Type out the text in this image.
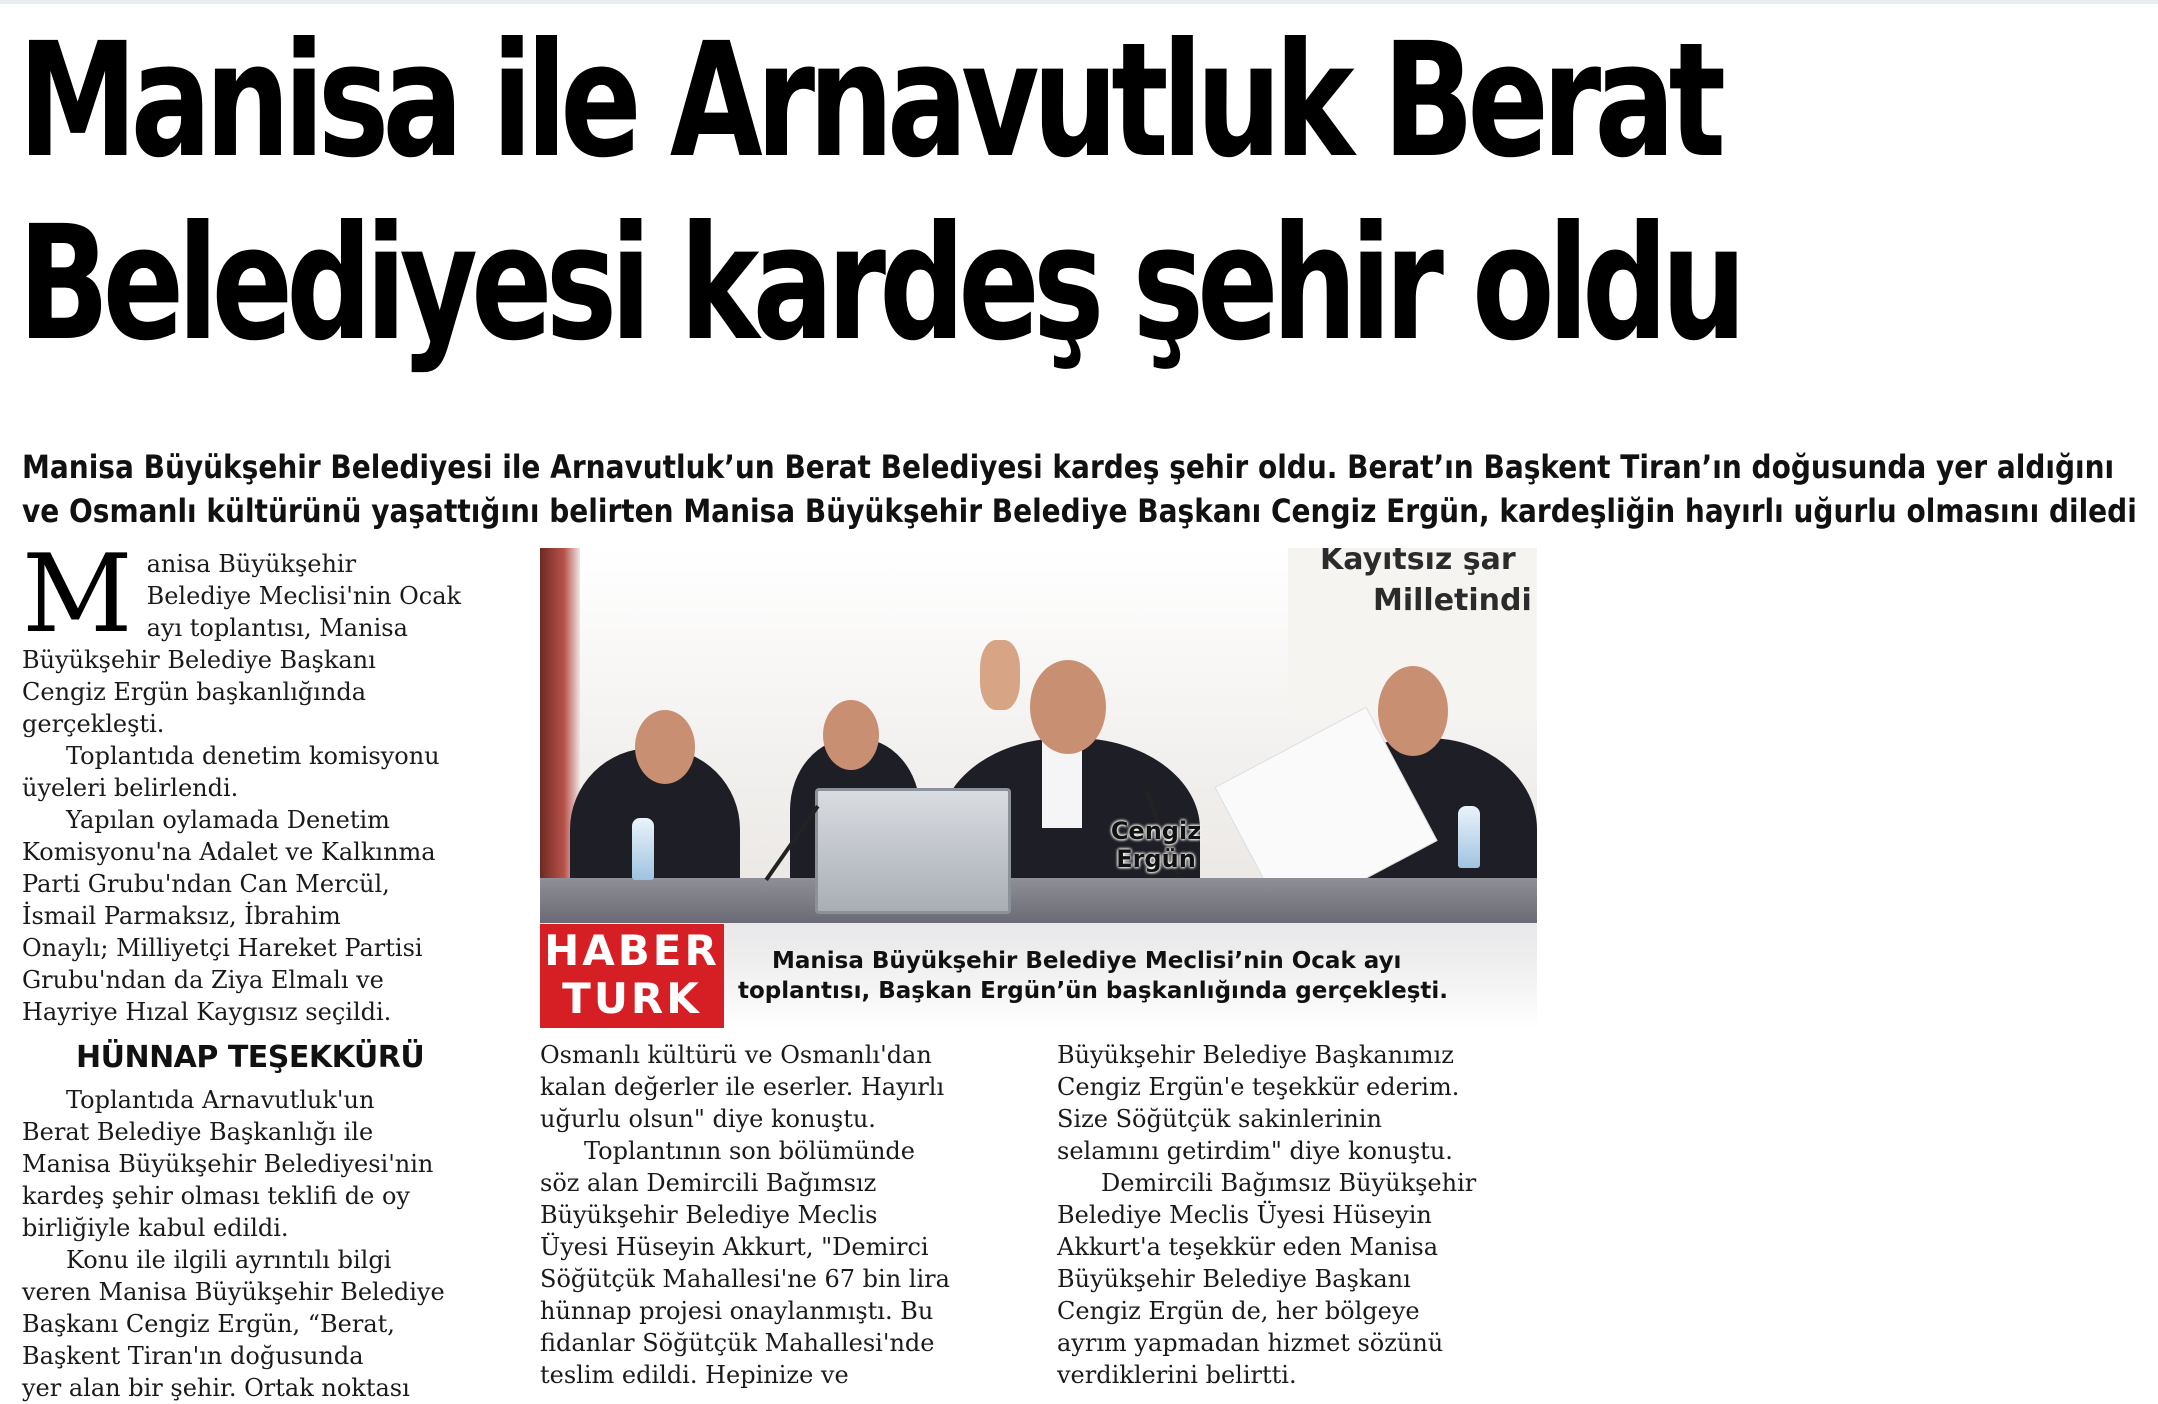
Manisa ile Arnavutluk Berat
Belediyesi kardeş şehir oldu
Manisa Büyükşehir Belediyesi ile Arnavutluk’un Berat Belediyesi kardeş şehir oldu. Berat’ın Başkent Tiran’ın doğusunda yer aldığını
ve Osmanlı kültürünü yaşattığını belirten Manisa Büyükşehir Belediye Başkanı Cengiz Ergün, kardeşliğin hayırlı uğurlu olmasını diledi
M anisa Büyükşehir

Belediye Meclisi'nin Ocak

ayı toplantısı, Manisa

Büyükşehir Belediye Başkanı

Cengiz Ergün başkanlığında

gerçekleşti.

Toplantıda denetim komisyonu

üyeleri belirlendi.

Yapılan oylamada Denetim

Komisyonu'na Adalet ve Kalkınma

Parti Grubu'ndan Can Mercül,

İsmail Parmaksız, İbrahim

Onaylı; Milliyetçi Hareket Partisi

Grubu'ndan da Ziya Elmalı ve

Hayriye Hızal Kaygısız seçildi.

HÜNNAP TEŞEKKÜRÜ

Toplantıda Arnavutluk'un

Berat Belediye Başkanlığı ile

Manisa Büyükşehir Belediyesi'nin

kardeş şehir olması teklifi de oy

birliğiyle kabul edildi.

Konu ile ilgili ayrıntılı bilgi

veren Manisa Büyükşehir Belediye

Başkanı Cengiz Ergün, “Berat,

Başkent Tiran'ın doğusunda

yer alan bir şehir. Ortak noktası

Kayıtsız şar
Milletindi
Cengiz
Ergün
HABER
TURK
Manisa Büyükşehir Belediye Meclisi’nin Ocak ayı
toplantısı, Başkan Ergün’ün başkanlığında gerçekleşti.

Osmanlı kültürü ve Osmanlı'dan

kalan değerler ile eserler. Hayırlı

uğurlu olsun" diye konuştu.

Toplantının son bölümünde

söz alan Demircili Bağımsız

Büyükşehir Belediye Meclis

Üyesi Hüseyin Akkurt, "Demirci

Söğütçük Mahallesi'ne 67 bin lira

hünnap projesi onaylanmıştı. Bu

fidanlar Söğütçük Mahallesi'nde

teslim edildi. Hepinize ve

Büyükşehir Belediye Başkanımız

Cengiz Ergün'e teşekkür ederim.

Size Söğütçük sakinlerinin

selamını getirdim" diye konuştu.

Demircili Bağımsız Büyükşehir

Belediye Meclis Üyesi Hüseyin

Akkurt'a teşekkür eden Manisa

Büyükşehir Belediye Başkanı

Cengiz Ergün de, her bölgeye

ayrım yapmadan hizmet sözünü

verdiklerini belirtti.
